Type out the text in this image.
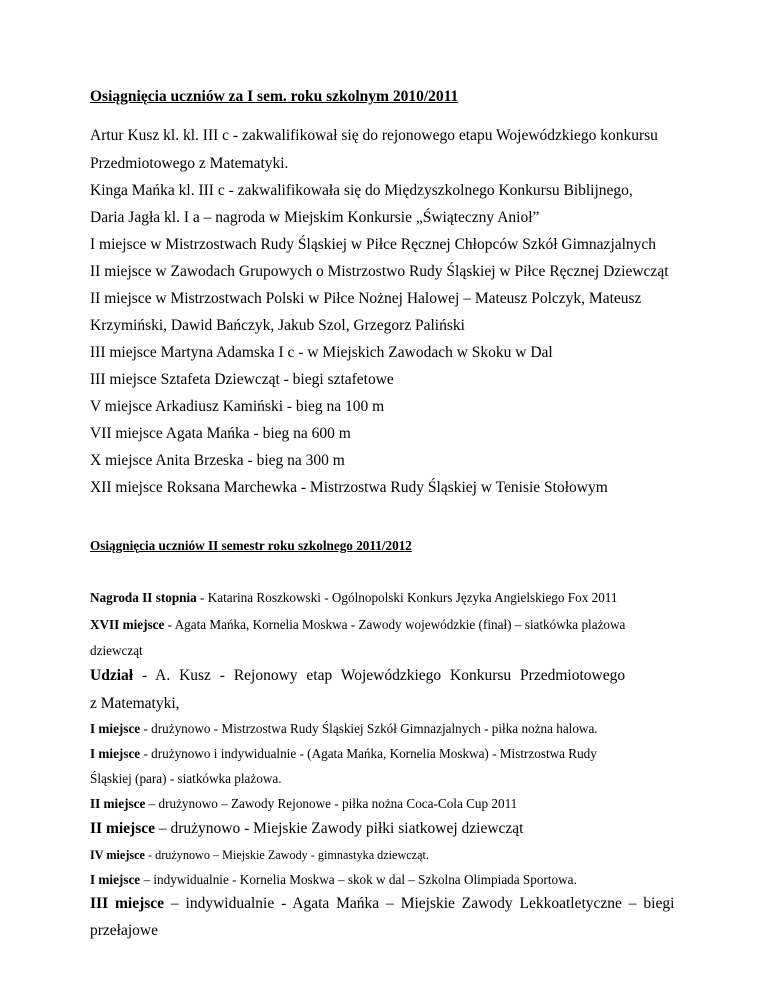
Osiągnięcia uczniów za I sem. roku szkolnym 2010/2011
Artur Kusz kl. kl. III c - zakwalifikował się do rejonowego etapu Wojewódzkiego konkursu
Przedmiotowego z Matematyki.
Kinga Mańka kl. III c - zakwalifikowała się do Międzyszkolnego Konkursu Biblijnego,
Daria Jagła kl. I a – nagroda w Miejskim Konkursie „Świąteczny Anioł”
I miejsce w Mistrzostwach Rudy Śląskiej w Piłce Ręcznej Chłopców Szkół Gimnazjalnych
II miejsce w Zawodach Grupowych o Mistrzostwo Rudy Śląskiej w Piłce Ręcznej Dziewcząt
II miejsce w Mistrzostwach Polski w Piłce Nożnej Halowej – Mateusz Polczyk, Mateusz
Krzymiński, Dawid Bańczyk, Jakub Szol, Grzegorz Paliński
III miejsce Martyna Adamska I c - w Miejskich Zawodach w Skoku w Dal
III miejsce Sztafeta Dziewcząt - biegi sztafetowe
V miejsce Arkadiusz Kamiński - bieg na 100 m
VII miejsce Agata Mańka - bieg na 600 m
X miejsce Anita Brzeska - bieg na 300 m
XII miejsce Roksana Marchewka - Mistrzostwa Rudy Śląskiej w Tenisie Stołowym
Osiągnięcia uczniów II semestr roku szkolnego 2011/2012
Nagroda II stopnia - Katarina Roszkowski - Ogólnopolski Konkurs Języka Angielskiego Fox 2011
XVII miejsce - Agata Mańka, Kornelia Moskwa - Zawody wojewódzkie (finał) – siatkówka plażowa
dziewcząt
Udział - A. Kusz - Rejonowy etap Wojewódzkiego Konkursu Przedmiotowego
z Matematyki,
I miejsce - drużynowo - Mistrzostwa Rudy Śląskiej Szkół Gimnazjalnych - piłka nożna halowa.
I miejsce - drużynowo i indywidualnie - (Agata Mańka, Kornelia Moskwa) - Mistrzostwa Rudy
Śląskiej (para) - siatkówka plażowa.
II miejsce – drużynowo – Zawody Rejonowe - piłka nożna Coca-Cola Cup 2011
II miejsce – drużynowo - Miejskie Zawody piłki siatkowej dziewcząt
IV miejsce - drużynowo – Miejskie Zawody - gimnastyka dziewcząt.
I miejsce – indywidualnie - Kornelia Moskwa – skok w dal – Szkolna Olimpiada Sportowa.
III miejsce – indywidualnie - Agata Mańka – Miejskie Zawody Lekkoatletyczne – biegi
przełajowe
